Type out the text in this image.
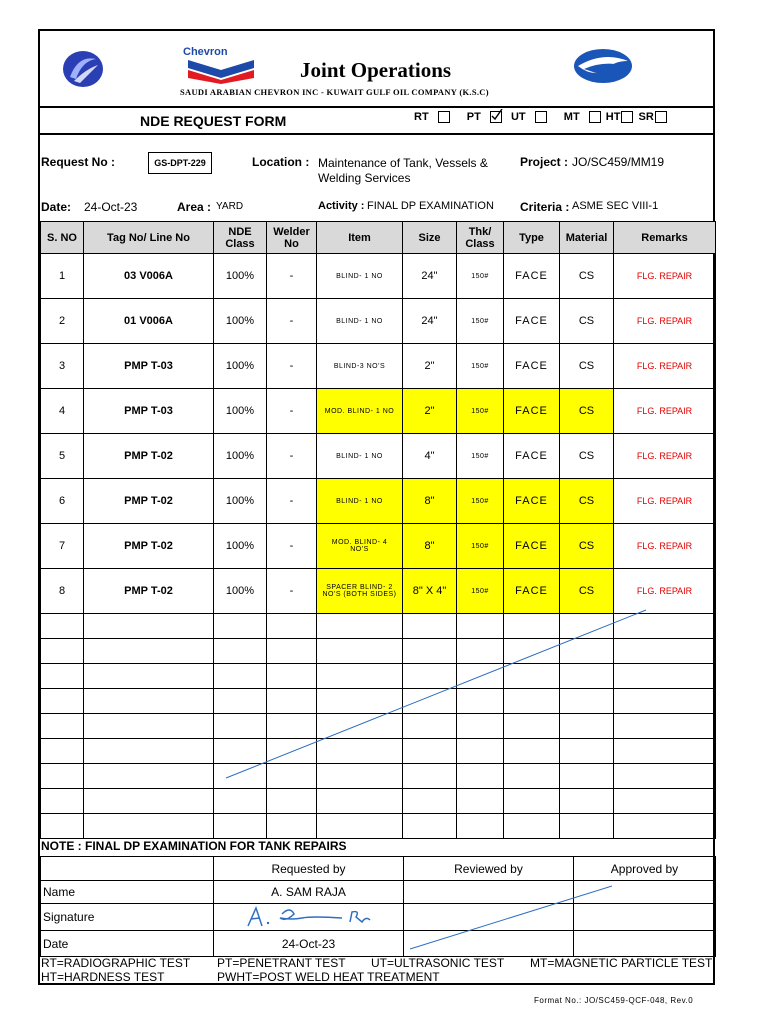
Chevron
Joint Operations
SAUDI ARABIAN CHEVRON INC - KUWAIT GULF OIL COMPANY (K.S.C)
NDE REQUEST FORM	RT	PT	UT	MT HT SR
Request No :	GS-DPT-229	Location : Maintenance of Tank, Vessels &
Welding Services
Project : JO/SC459/MM19
Date: 24-Oct-23	Area : YARD	Activity : FINAL DP EXAMINATION Criteria : ASME SEC VIII-1
S. NO	Tag No/ Line No	NDE
Class	Welder
No	Item	Size	Thk/
Class	Type	Material	Remarks
1	03 V006A	100%	-	BLIND- 1 NO	24"	150#	FACE	CS	FLG. REPAIR
2	01 V006A	100%	-	BLIND- 1 NO	24"	150#	FACE	CS	FLG. REPAIR
3	PMP T-03	100%	-	BLIND-3 NO'S	2"	150#	FACE	CS	FLG. REPAIR
4	PMP T-03	100%	-	MOD. BLIND- 1 NO	2"	150#	FACE	CS	FLG. REPAIR
5	PMP T-02	100%	-	BLIND- 1 NO	4"	150#	FACE	CS	FLG. REPAIR
6	PMP T-02	100%	-	BLIND- 1 NO	8"	150#	FACE	CS	FLG. REPAIR
7	PMP T-02	100%	-	MOD. BLIND- 4
NO'S	8"	150#	FACE	CS	FLG. REPAIR
8	PMP T-02	100%	-	SPACER BLIND- 2
NO'S (BOTH SIDES)	8" X 4"	150#	FACE	CS	FLG. REPAIR

NOTE : FINAL DP EXAMINATION FOR TANK REPAIRS
	Requested by	Reviewed by	Approved by
Name	A. SAM RAJA		
Signature	

Date	24-Oct-23		
RT=RADIOGRAPHIC TEST PT=PENETRANT TEST UT=ULTRASONIC TEST MT=MAGNETIC PARTICLE TEST
HT=HARDNESS TEST	PWHT=POST WELD HEAT TREATMENT
Format No.: JO/SC459-QCF-048, Rev.0
